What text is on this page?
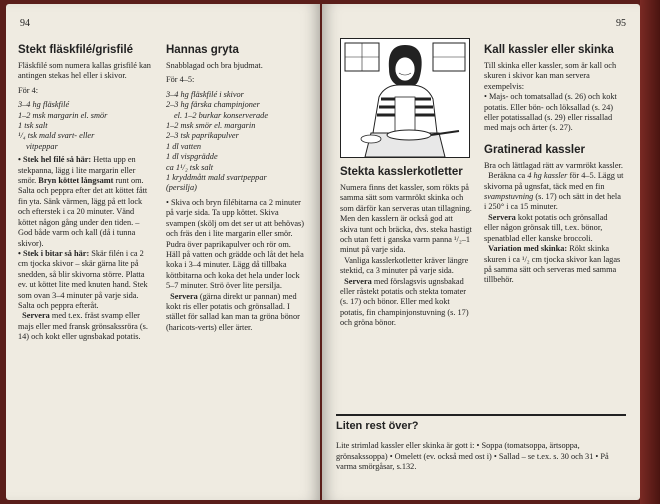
94
Stekt fläskfilé/grisfilé

Fläskfilé som numera kallas grisfilé kan antingen stekas hel eller i skivor.

För 4:

3–4 hg fläskfilé
1–2 msk margarin el. smör
1 tsk salt
¹/₄ tsk mald svart- eller
vitpeppar

• Stek hel filé så här: Hetta upp en stekpanna, lägg i lite margarin eller smör. Bryn köttet långsamt runt om. Salta och peppra efter det att köttet fått fin yta. Sänk värmen, lägg på ett lock och efterstek i ca 20 minuter. Vänd köttet någon gång under den tiden. – God både varm och kall (då i tunna skivor).

• Stek i bitar så här: Skär filén i ca 2 cm tjocka skivor – skär gärna lite på snedden, så blir skivorna större. Platta ev. ut köttet lite med knuten hand. Stek som ovan 3–4 minuter på varje sida. Salta och peppra efteråt.

Servera med t.ex. fräst svamp eller majs eller med fransk grönsakssröra (s. 14) och kokt eller ugnsbakad potatis.

Hannas gryta

Snabblagad och bra bjudmat.

För 4–5:

3–4 hg fläskfilé i skivor
2–3 hg färska champinjoner
el. 1–2 burkar konserverade
1–2 msk smör el. margarin
2–3 tsk paprikapulver
1 dl vatten
1 dl vispgrädde
ca 1¹/₂ tsk salt
1 kryddmått mald svartpeppar
(persilja)

• Skiva och bryn filébitarna ca 2 minuter på varje sida. Ta upp köttet. Skiva svampen (skölj om det ser ut att behövas) och fräs den i lite margarin eller smör. Pudra över paprikapulver och rör om. Häll på vatten och grädde och låt det hela koka i 3–4 minuter. Lägg då tillbaka köttbitarna och koka det hela under lock 5–7 minuter. Strö över lite persilja.

Servera (gärna direkt ur pannan) med kokt ris eller potatis och grönsallad. I stället för sallad kan man ta gröna bönor (haricots-verts) eller ärter.

95
Stekta kasslerkotletter

Numera finns det kassler, som rökts på samma sätt som varmrökt skinka och som därför kan serveras utan tillagning. Men den kasslern är också god att skiva tunt och bräcka, dvs. steka hastigt och utan fett i ganska varm panna ¹/₂–1 minut på varje sida.

Vanliga kasslerkotletter kräver längre stektid, ca 3 minuter på varje sida.

Servera med förslagsvis ugnsbakad eller råstekt potatis och stekta tomater (s. 17) och bönor. Eller med kokt potatis, fin champinjonstuvning (s. 17) och gröna bönor.

Kall kassler eller skinka

Till skinka eller kassler, som är kall och skuren i skivor kan man servera exempelvis:

• Majs- och tomatsallad (s. 26) och kokt potatis. Eller bön- och löksallad (s. 24) eller potatissallad (s. 29) eller rissallad med majs och ärter (s. 27).

Gratinerad kassler

Bra och lättlagad rätt av varmrökt kassler.

Beräkna ca 4 hg kassler för 4–5. Lägg ut skivorna på ugnsfat, täck med en fin svampstuvning (s. 17) och sätt in det hela i 250° i ca 15 minuter.

Servera kokt potatis och grönsallad eller någon grönsak till, t.ex. bönor, spenatblad eller kanske broccoli.

Variation med skinka: Rökt skinka skuren i ca ¹/₂ cm tjocka skivor kan lagas på samma sätt och serveras med samma tillbehör.

Liten rest över?

Lite strimlad kassler eller skinka är gott i: • Soppa (tomatsoppa, ärtsoppa, grönsakssoppa) • Omelett (ev. också med ost i) • Sallad – se t.ex. s. 30 och 31 • På varma smörgåsar, s.132.
